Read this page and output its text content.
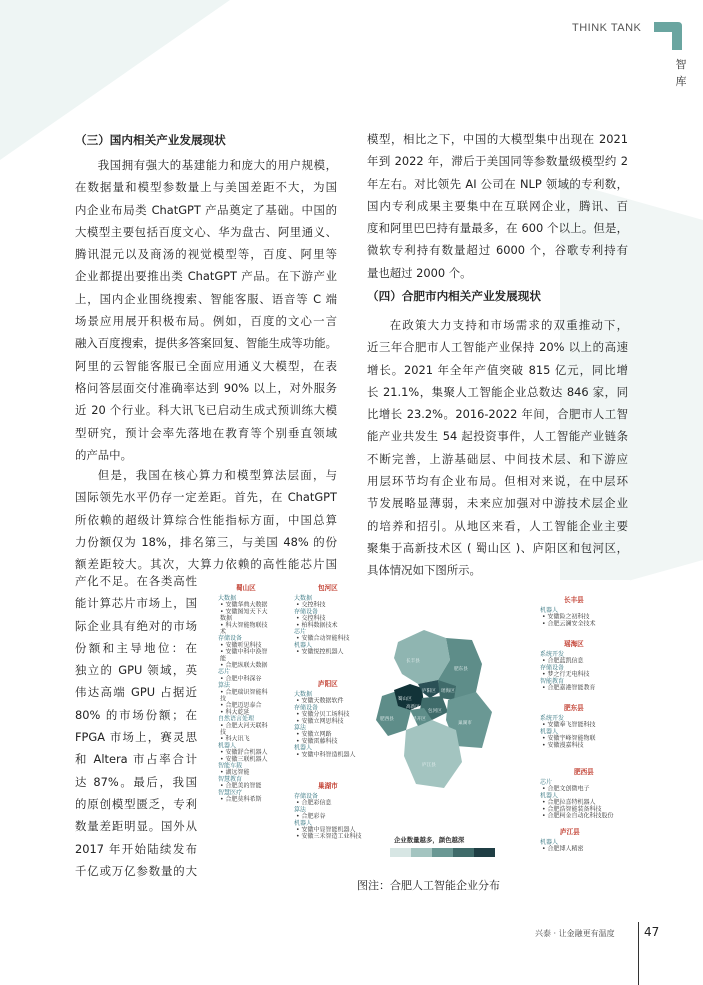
THINK TANK
智
库
（三）国内相关产业发展现状
我国拥有强大的基建能力和庞大的用户规模，
在数据量和模型参数量上与美国差距不大，为国
内企业布局类 ChatGPT 产品奠定了基础。中国的
大模型主要包括百度文心、华为盘古、阿里通义、
腾讯混元以及商汤的视觉模型等，百度、阿里等
企业都提出要推出类 ChatGPT 产品。在下游产业
上，国内企业围绕搜索、智能客服、语音等 C 端
场景应用展开积极布局。例如，百度的文心一言
融入百度搜索，提供多答案回复、智能生成等功能。
阿里的云智能客服已全面应用通义大模型，在表
格问答层面交付准确率达到 90% 以上，对外服务
近 20 个行业。科大讯飞已启动生成式预训练大模
型研究，预计会率先落地在教育等个别垂直领域
的产品中。
但是，我国在核心算力和模型算法层面，与
国际领先水平仍存一定差距。首先，在 ChatGPT
所依赖的超级计算综合性能指标方面，中国总算
力份额仅为 18%，排名第三，与美国 48% 的份
额差距较大。其次，大算力依赖的高性能芯片国
产化不足。在各类高性
能计算芯片市场上，国
际企业具有绝对的市场
份额和主导地位：在
独立的 GPU 领域，英
伟达高端 GPU 占据近
80% 的市场份额；在
FPGA 市场上，赛灵思
和 Altera 市占率合计
达 87%。最后，我国
的原创模型匮乏，专利
数量差距明显。国外从
2017 年开始陆续发布
千亿或万亿参数量的大
模型，相比之下，中国的大模型集中出现在 2021
年到 2022 年，滞后于美国同等参数量级模型约 2
年左右。对比领先 AI 公司在 NLP 领域的专利数，
国内专利成果主要集中在互联网企业，腾讯、百
度和阿里巴巴持有量最多，在 600 个以上。但是，
微软专利持有数量超过 6000 个，谷歌专利持有
量也超过 2000 个。
（四）合肥市内相关产业发展现状
在政策大力支持和市场需求的双重推动下，
近三年合肥市人工智能产业保持 20% 以上的高速
增长。2021 年全年产值突破 815 亿元，同比增
长 21.1%，集聚人工智能企业总数达 846 家，同
比增长 23.2%。2016-2022 年间，合肥市人工智
能产业共发生 54 起投资事件，人工智能产业链条
不断完善，上游基础层、中间技术层、和下游应
用层环节均有企业布局。但相对来说，在中层环
节发展略显薄弱，未来应加强对中游技术层企业
的培养和招引。从地区来看，人工智能企业主要
聚集于高新技术区 ( 蜀山区 )、庐阳区和包河区，
具体情况如下图所示。
长丰县
肥东县
肥西县
庐江县
巢湖市
蜀山区
庐阳区
包河区
瑶海区
高新区
经开区
企业数量越多，颜色越深
蜀山区
大数据
• 安徽华典大数据
• 安徽图知天下大
数据
• 科大智能物联技
术
存储设备
• 安徽听见科技
• 安徽中科中涣智
能
• 合肥纵联大数据
芯片
• 合肥中科深谷
算法
• 合肥瑞识智能科
技
• 合肥迈思泰合
• 科大乾延
自然语言处理
• 合肥大河天联科
技
• 科大讯飞
机器人
• 安徽舒合机器人
• 安徽三联机器人
智能车载
• 湖远智能
智慧教育
• 合肥美的智能
智慧医疗
• 合肥莫科希斯
包河区
大数据
• 交控科技
存储设备
• 交控科技
• 柏科数据技术
芯片
• 安徽合动智能科技
机器人
• 安徽悦控机器人
庐阳区
大数据
• 安徽天数据软件
存储设备
• 安徽分贝工场科技
• 安徽立网思科技
算法
• 安徽立网路
• 安徽雷藤科技
机器人
• 安徽中科智造机器人
巢湖市
存储设备
• 合肥彩信息
算法
• 合肥彩谷
机器人
• 安徽中显智能机器人
• 安徽三禾智造工业科技
长丰县
机器人
• 安徽险之初科技
• 合肥云澜安全技术
瑶海区
系统开发
• 合肥蓝凯信息
存储设备
• 梦之行无电科技
智能教育
• 合肥嘉港智能教育
肥东县
系统开发
• 安徽奉飞智能科技
机器人
• 安徽宇峰智能物联
• 安徽漫嘉科技
肥西县
芯片
• 合肥文创微电子
机器人
• 合肥拉喜特机器人
• 合肥浩智能装备科技
• 合肥柯金自动化科技股份
庐江县
机器人
• 合肥博人精密
图注：合肥人工智能企业分布
兴泰 · 让金融更有温度 47
